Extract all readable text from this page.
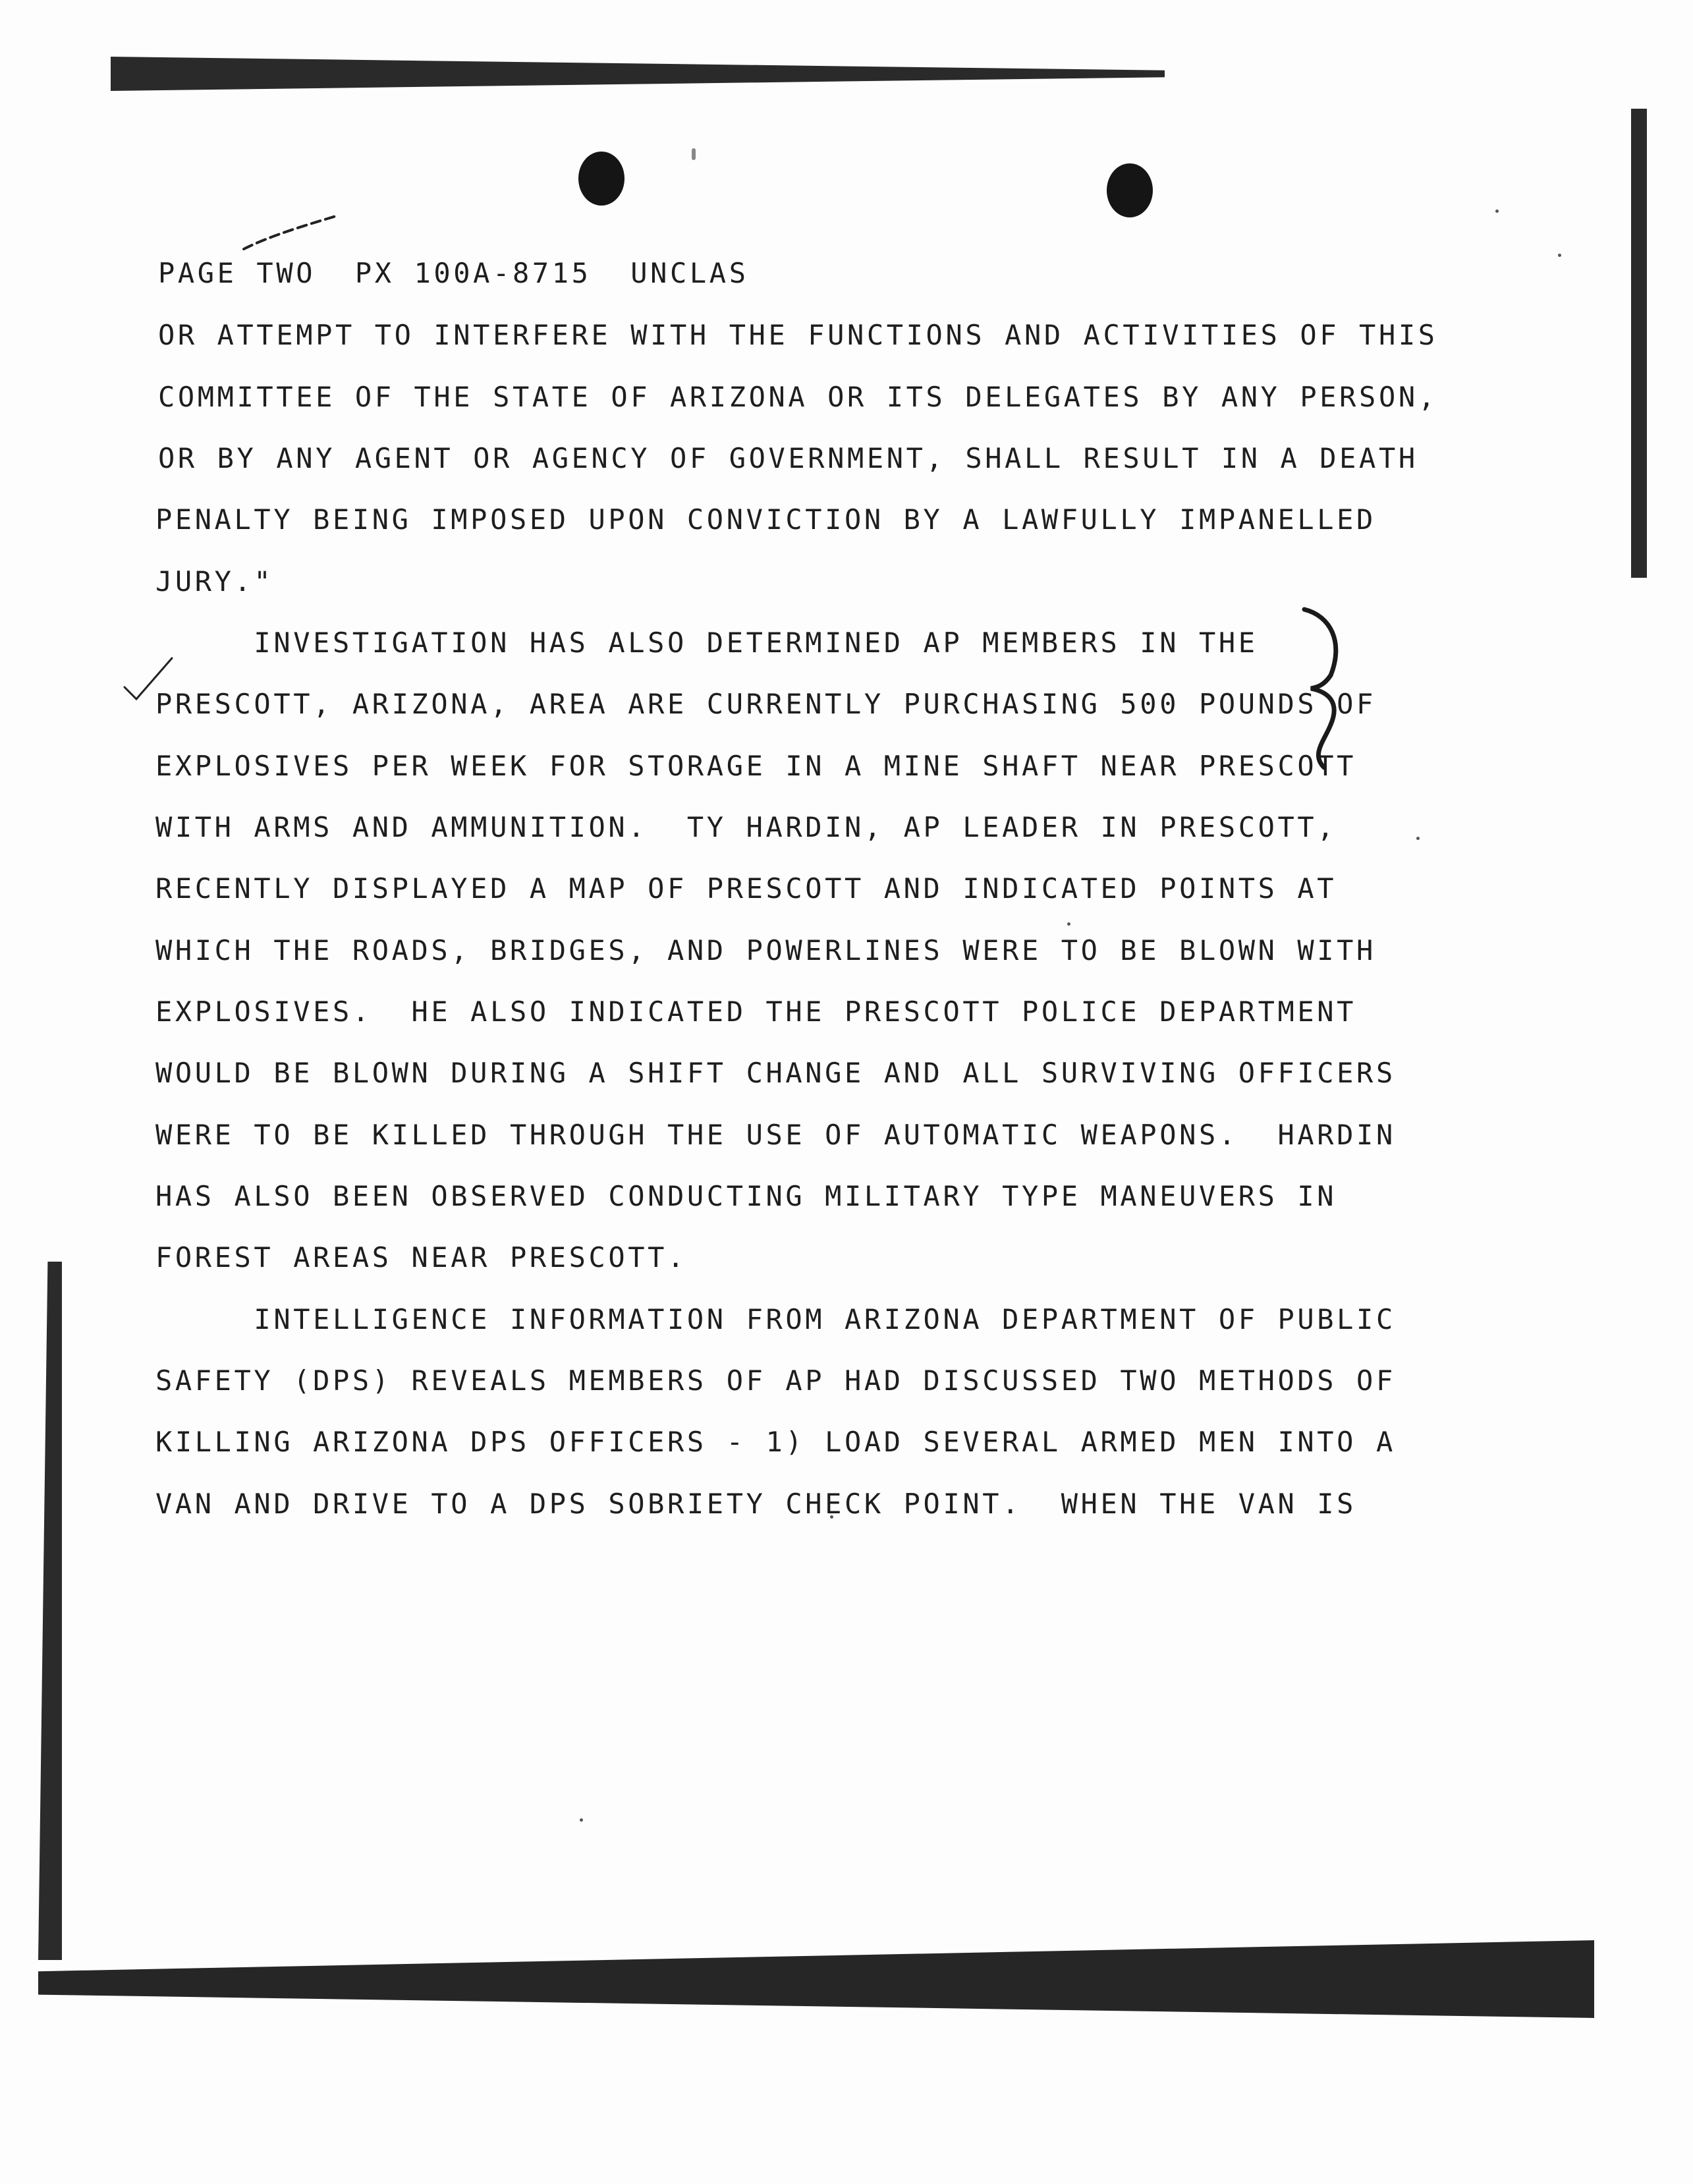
PAGE TWO  PX 100A-8715  UNCLAS
OR ATTEMPT TO INTERFERE WITH THE FUNCTIONS AND ACTIVITIES OF THIS
COMMITTEE OF THE STATE OF ARIZONA OR ITS DELEGATES BY ANY PERSON,
OR BY ANY AGENT OR AGENCY OF GOVERNMENT, SHALL RESULT IN A DEATH
PENALTY BEING IMPOSED UPON CONVICTION BY A LAWFULLY IMPANELLED
JURY."
INVESTIGATION HAS ALSO DETERMINED AP MEMBERS IN THE
PRESCOTT, ARIZONA, AREA ARE CURRENTLY PURCHASING 500 POUNDS OF
EXPLOSIVES PER WEEK FOR STORAGE IN A MINE SHAFT NEAR PRESCOTT
WITH ARMS AND AMMUNITION.  TY HARDIN, AP LEADER IN PRESCOTT,
RECENTLY DISPLAYED A MAP OF PRESCOTT AND INDICATED POINTS AT
WHICH THE ROADS, BRIDGES, AND POWERLINES WERE TO BE BLOWN WITH
EXPLOSIVES.  HE ALSO INDICATED THE PRESCOTT POLICE DEPARTMENT
WOULD BE BLOWN DURING A SHIFT CHANGE AND ALL SURVIVING OFFICERS
WERE TO BE KILLED THROUGH THE USE OF AUTOMATIC WEAPONS.  HARDIN
HAS ALSO BEEN OBSERVED CONDUCTING MILITARY TYPE MANEUVERS IN
FOREST AREAS NEAR PRESCOTT.
INTELLIGENCE INFORMATION FROM ARIZONA DEPARTMENT OF PUBLIC
SAFETY (DPS) REVEALS MEMBERS OF AP HAD DISCUSSED TWO METHODS OF
KILLING ARIZONA DPS OFFICERS - 1) LOAD SEVERAL ARMED MEN INTO A
VAN AND DRIVE TO A DPS SOBRIETY CHECK POINT.  WHEN THE VAN IS
